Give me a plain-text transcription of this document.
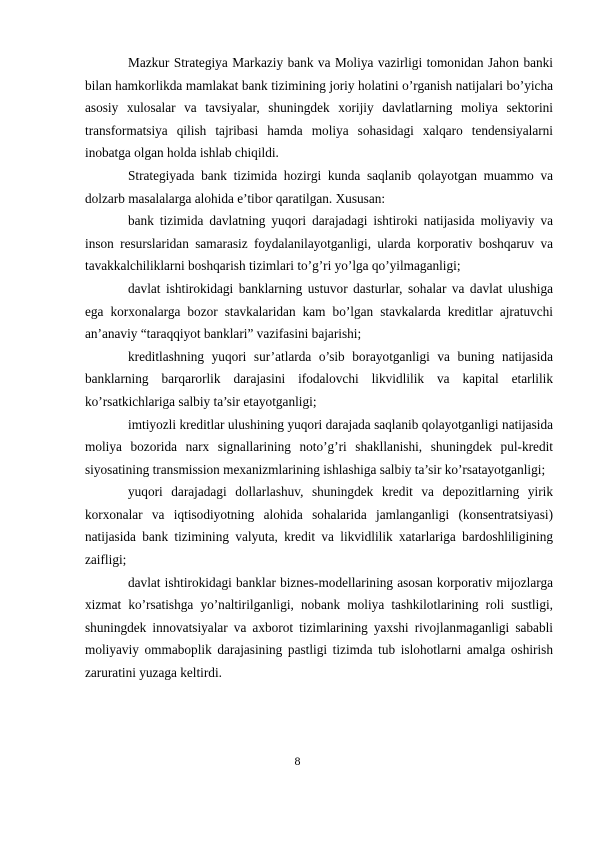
Mazkur Strategiya Markaziy bank va Moliya vazirligi tomonidan Jahon banki bilan hamkorlikda mamlakat bank tizimining joriy holatini o’rganish natijalari bo’yicha asosiy xulosalar va tavsiyalar, shuningdek xorijiy davlatlarning moliya sektorini transformatsiya qilish tajribasi hamda moliya sohasidagi xalqaro tendensiyalarni inobatga olgan holda ishlab chiqildi.

Strategiyada bank tizimida hozirgi kunda saqlanib qolayotgan muammo va dolzarb masalalarga alohida e’tibor qaratilgan. Xususan:

bank tizimida davlatning yuqori darajadagi ishtiroki natijasida moliyaviy va inson resurslaridan samarasiz foydalanilayotganligi, ularda korporativ boshqaruv va tavakkalchiliklarni boshqarish tizimlari to’g’ri yo’lga qo’yilmaganligi;

davlat ishtirokidagi banklarning ustuvor dasturlar, sohalar va davlat ulushiga ega korxonalarga bozor stavkalaridan kam bo’lgan stavkalarda kreditlar ajratuvchi an’anaviy “taraqqiyot banklari” vazifasini bajarishi;

kreditlashning yuqori sur’atlarda o’sib borayotganligi va buning natijasida banklarning barqarorlik darajasini ifodalovchi likvidlilik va kapital etarlilik ko’rsatkichlariga salbiy ta’sir etayotganligi;

imtiyozli kreditlar ulushining yuqori darajada saqlanib qolayotganligi natijasida moliya bozorida narx signallarining noto’g’ri shakllanishi, shuningdek pul-kredit siyosatining transmission mexanizmlarining ishlashiga salbiy ta’sir ko’rsatayotganligi;

yuqori darajadagi dollarlashuv, shuningdek kredit va depozitlarning yirik korxonalar va iqtisodiyotning alohida sohalarida jamlanganligi (konsentratsiyasi) natijasida bank tizimining valyuta, kredit va likvidlilik xatarlariga bardoshliligining zaifligi;

davlat ishtirokidagi banklar biznes-modellarining asosan korporativ mijozlarga xizmat ko’rsatishga yo’naltirilganligi, nobank moliya tashkilotlarining roli sustligi, shuningdek innovatsiyalar va axborot tizimlarining yaxshi rivojlanmaganligi sababli moliyaviy ommaboplik darajasining pastligi tizimda tub islohotlarni amalga oshirish zaruratini yuzaga keltirdi.

8
